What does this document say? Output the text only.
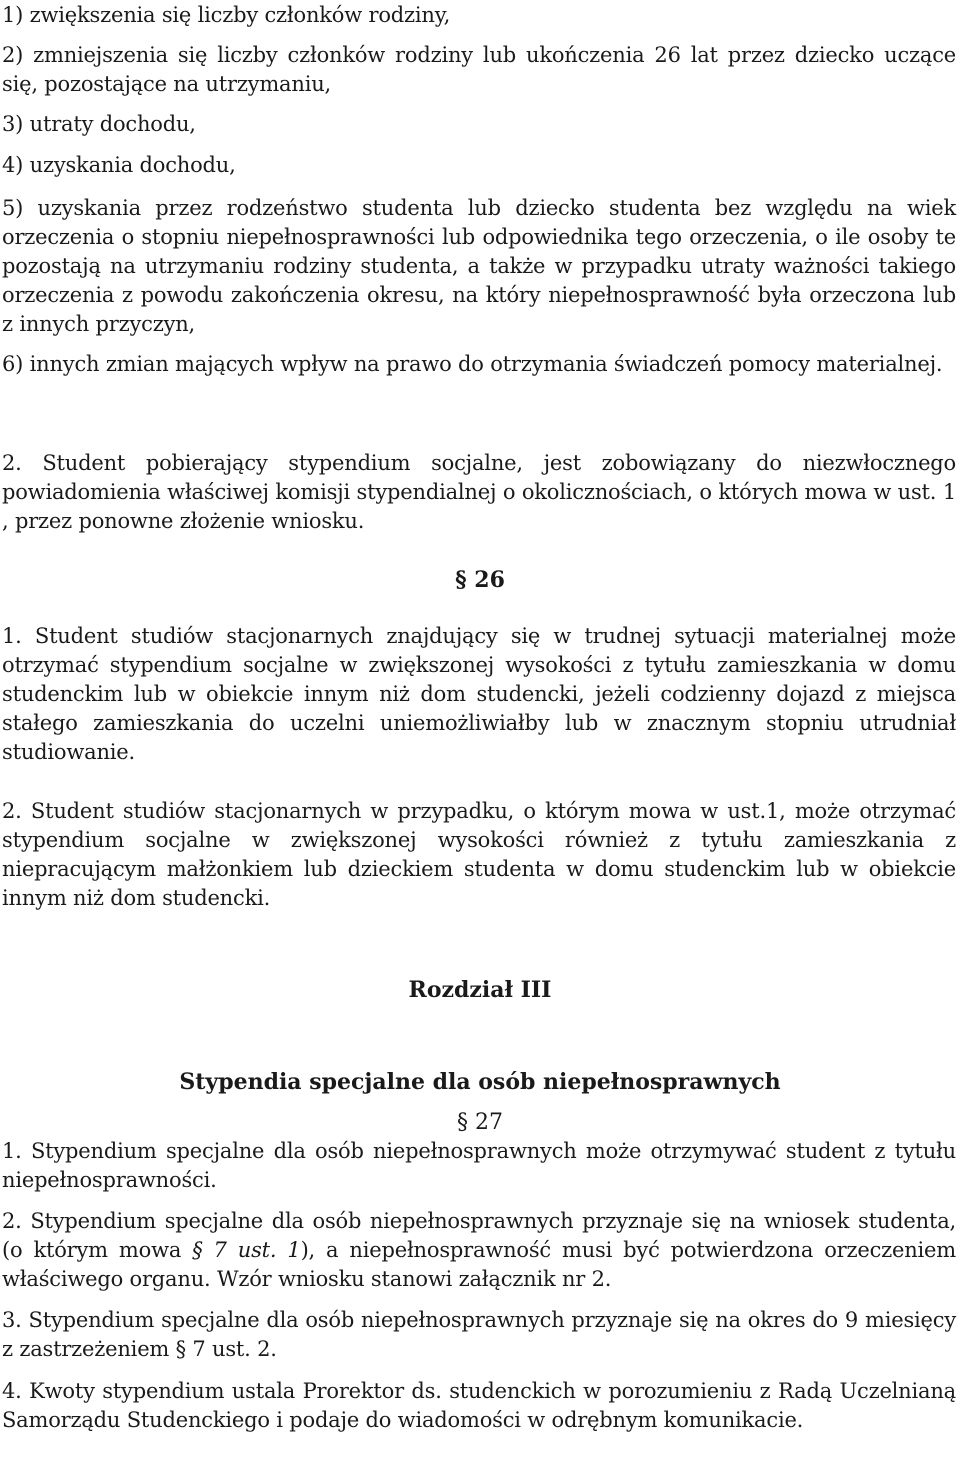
1) zwiększenia się liczby członków rodziny,

2) zmniejszenia się liczby członków rodziny lub ukończenia 26 lat przez dziecko uczące się, pozostające na utrzymaniu,

3) utraty dochodu,

4) uzyskania dochodu,

5) uzyskania przez rodzeństwo studenta lub dziecko studenta bez względu na wiek orzeczenia o stopniu niepełnosprawności lub odpowiednika tego orzeczenia, o ile osoby te pozostają na utrzymaniu rodziny studenta, a także w przypadku utraty ważności takiego orzeczenia z powodu zakończenia okresu, na który niepełnosprawność była orzeczona lub z innych przyczyn,

6) innych zmian mających wpływ na prawo do otrzymania świadczeń pomocy materialnej.

2. Student pobierający stypendium socjalne, jest zobowiązany do niezwłocznego powiadomienia właściwej komisji stypendialnej o okolicznościach, o których mowa w ust. 1 , przez ponowne złożenie wniosku.

§ 26

1. Student studiów stacjonarnych znajdujący się w trudnej sytuacji materialnej może otrzymać stypendium socjalne w zwiększonej wysokości z tytułu zamieszkania w domu studenckim lub w obiekcie innym niż dom studencki, jeżeli codzienny dojazd z miejsca stałego zamieszkania do uczelni uniemożliwiałby lub w znacznym stopniu utrudniał studiowanie.

2. Student studiów stacjonarnych w przypadku, o którym mowa w ust.1, może otrzymać stypendium socjalne w zwiększonej wysokości również z tytułu zamieszkania z niepracującym małżonkiem lub dzieckiem studenta w domu studenckim lub w obiekcie innym niż dom studencki.

Rozdział III

Stypendia specjalne dla osób niepełnosprawnych

§ 27

1. Stypendium specjalne dla osób niepełnosprawnych może otrzymywać student z tytułu niepełnosprawności.

2. Stypendium specjalne dla osób niepełnosprawnych przyznaje się na wniosek studenta, (o którym mowa § 7 ust. 1), a niepełnosprawność musi być potwierdzona orzeczeniem właściwego organu. Wzór wniosku stanowi załącznik nr 2.

3. Stypendium specjalne dla osób niepełnosprawnych przyznaje się na okres do 9 miesięcy z zastrzeżeniem § 7 ust. 2.

4. Kwoty stypendium ustala Prorektor ds. studenckich w porozumieniu z Radą Uczelnianą Samorządu Studenckiego i podaje do wiadomości w odrębnym komunikacie.
